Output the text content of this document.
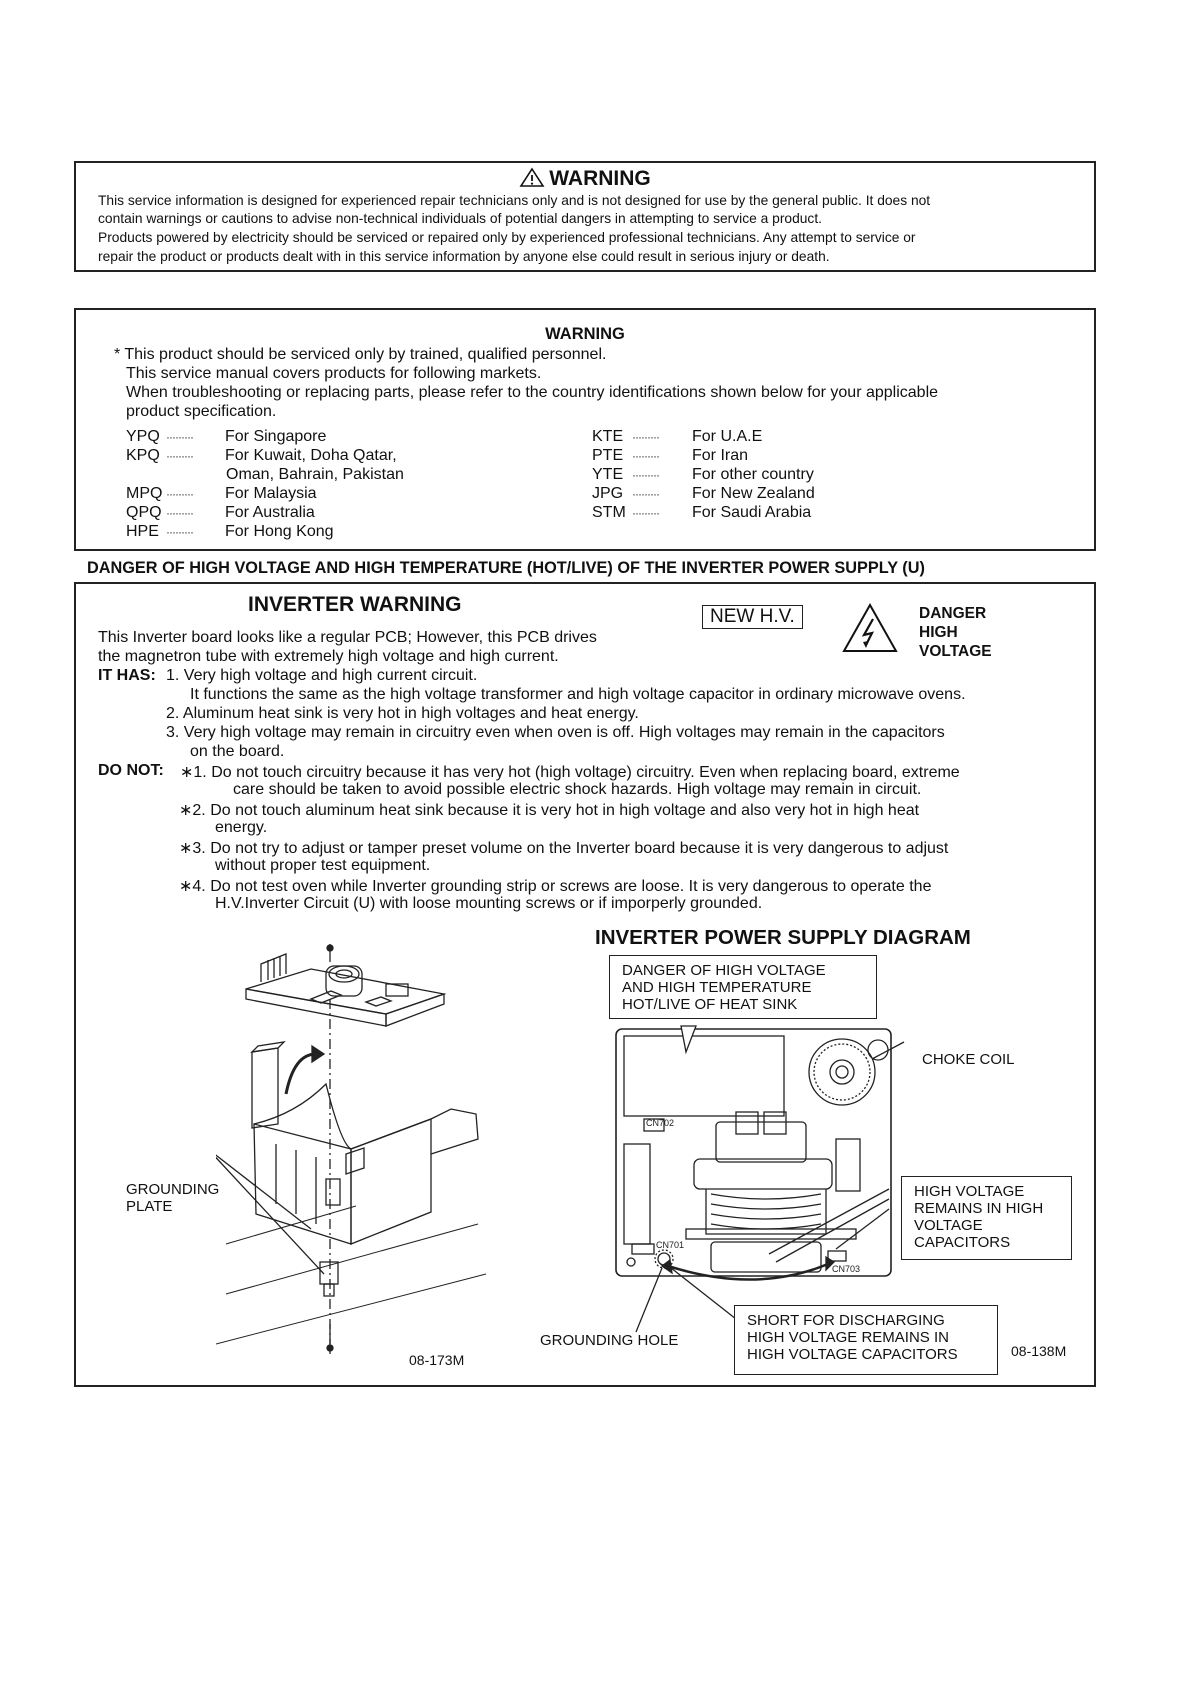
WARNING
This service information is designed for experienced repair technicians only and is not designed for use by the general public. It does not
contain warnings or cautions to advise non-technical individuals of potential dangers in attempting to service a product.
Products powered by electricity should be serviced or repaired only by experienced professional technicians. Any attempt to service or
repair the product or products dealt with in this service information by anyone else could result in serious injury or death.
WARNING
* This product should be serviced only by trained, qualified personnel.
This service manual covers products for following markets.
When troubleshooting or replacing parts, please refer to the country identifications shown below for your applicable
product specification.
YPQ ········· For Singapore
KPQ ········· For Kuwait, Doha Qatar,
Oman, Bahrain, Pakistan
MPQ ········· For Malaysia
QPQ ········· For Australia
HPE ········· For Hong Kong
KTE ········· For U.A.E
PTE ········· For Iran
YTE ········· For other country
JPG ········· For New Zealand
STM ········· For Saudi Arabia
DANGER OF HIGH VOLTAGE AND HIGH TEMPERATURE (HOT/LIVE) OF THE INVERTER POWER SUPPLY (U)
INVERTER WARNING
NEW H.V.	DANGER
HIGH
VOLTAGE
This Inverter board looks like a regular PCB; However, this PCB drives
the magnetron tube with extremely high voltage and high current.
IT HAS: 1. Very high voltage and high current circuit.
It functions the same as the high voltage transformer and high voltage capacitor in ordinary microwave ovens.
2. Aluminum heat sink is very hot in high voltages and heat energy.
3. Very high voltage may remain in circuitry even when oven is off. High voltages may remain in the capacitors
on the board.
DO NOT: ∗1. Do not touch circuitry because it has very hot (high voltage) circuitry. Even when replacing board, extreme
care should be taken to avoid possible electric shock hazards. High voltage may remain in circuit.
∗2. Do not touch aluminum heat sink because it is very hot in high voltage and also very hot in high heat
energy.
∗3. Do not try to adjust or tamper preset volume on the Inverter board because it is very dangerous to adjust
without proper test equipment.
∗4. Do not test oven while Inverter grounding strip or screws are loose. It is very dangerous to operate the
H.V.Inverter Circuit (U) with loose mounting screws or if imporperly grounded.
INVERTER POWER SUPPLY DIAGRAM
GROUNDING
PLATE
08-173M
CN702
CN701
CN703
DANGER OF HIGH VOLTAGE
AND HIGH TEMPERATURE
HOT/LIVE OF HEAT SINK
CHOKE COIL
HIGH VOLTAGE
REMAINS IN HIGH
VOLTAGE
CAPACITORS
SHORT FOR DISCHARGING
HIGH VOLTAGE REMAINS IN
HIGH VOLTAGE CAPACITORS
GROUNDING HOLE
08-138M
